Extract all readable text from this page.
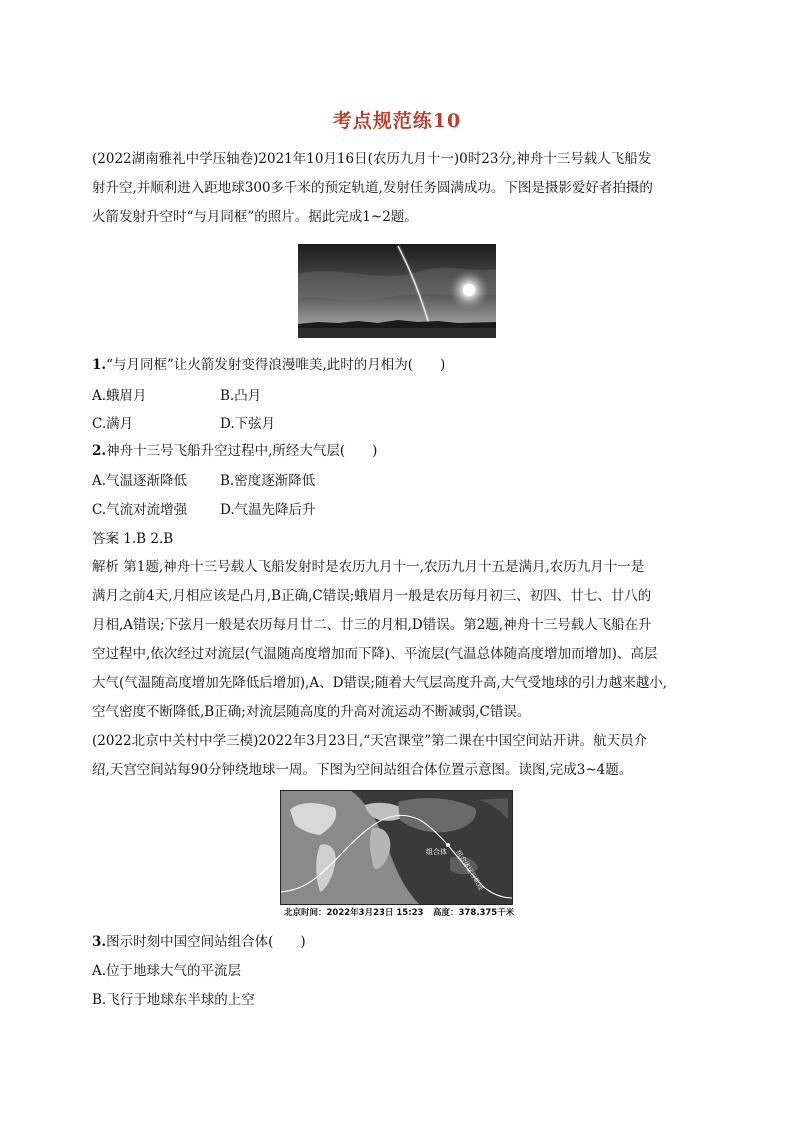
考点规范练10
(2022湖南雅礼中学压轴卷)2021年10月16日(农历九月十一)0时23分,神舟十三号载人飞船发
射升空,并顺利进入距地球300多千米的预定轨道,发射任务圆满成功。下图是摄影爱好者拍摄的
火箭发射升空时“与月同框”的照片。据此完成1~2题。
1.“与月同框”让火箭发射变得浪漫唯美,此时的月相为(　　)
A.蛾眉月	B.凸月
C.满月	D.下弦月
2.神舟十三号飞船升空过程中,所经大气层(　　)
A.气温逐渐降低 B.密度逐渐降低
C.气流对流增强 D.气温先降后升
答案 1.B 2.B
解析 第1题,神舟十三号载人飞船发射时是农历九月十一,农历九月十五是满月,农历九月十一是
满月之前4天,月相应该是凸月,B正确,C错误;蛾眉月一般是农历每月初三、初四、廿七、廿八的
月相,A错误;下弦月一般是农历每月廿二、廿三的月相,D错误。第2题,神舟十三号载人飞船在升
空过程中,依次经过对流层(气温随高度增加而下降)、平流层(气温总体随高度增加而增加)、高层
大气(气温随高度增加先降低后增加),A、D错误;随着大气层高度升高,大气受地球的引力越来越小,
空气密度不断降低,B正确;对流层随高度的升高对流运动不断减弱,C错误。
(2022北京中关村中学三模)2022年3月23日,“天宫课堂”第二课在中国空间站开讲。航天员介
绍,天宫空间站每90分钟绕地球一周。下图为空间站组合体位置示意图。读图,完成3~4题。
组合体 组合体运行轨迹
北京时间：2022年3月23日 15:23 高度：378.375千米
3.图示时刻中国空间站组合体(　　)
A.位于地球大气的平流层
B.飞行于地球东半球的上空
